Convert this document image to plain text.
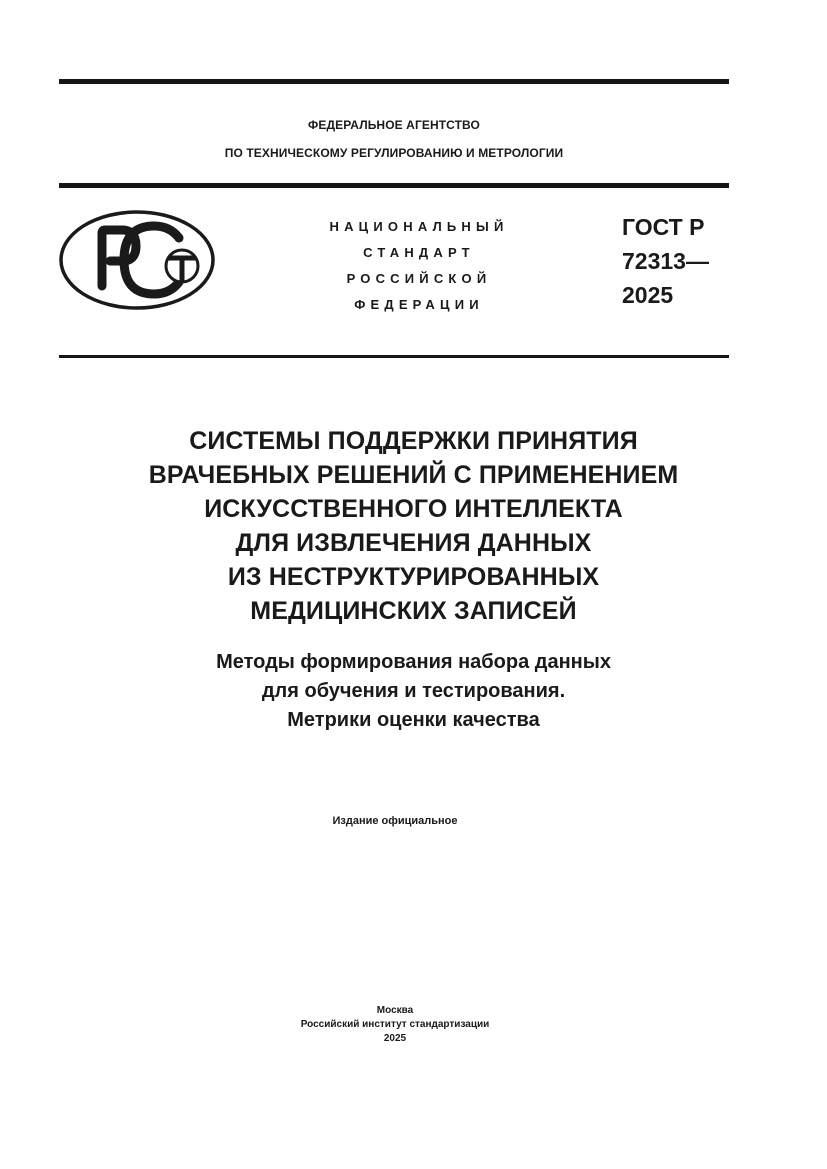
ФЕДЕРАЛЬНОЕ АГЕНТСТВО
ПО ТЕХНИЧЕСКОМУ РЕГУЛИРОВАНИЮ И МЕТРОЛОГИИ
НАЦИОНАЛЬНЫЙ
СТАНДАРТ
РОССИЙСКОЙ
ФЕДЕРАЦИИ
ГОСТ Р
72313—
2025
СИСТЕМЫ ПОДДЕРЖКИ ПРИНЯТИЯ
ВРАЧЕБНЫХ РЕШЕНИЙ С ПРИМЕНЕНИЕМ
ИСКУССТВЕННОГО ИНТЕЛЛЕКТА
ДЛЯ ИЗВЛЕЧЕНИЯ ДАННЫХ
ИЗ НЕСТРУКТУРИРОВАННЫХ
МЕДИЦИНСКИХ ЗАПИСЕЙ
Методы формирования набора данных
для обучения и тестирования.
Метрики оценки качества
Издание официальное
Москва
Российский институт стандартизации
2025
